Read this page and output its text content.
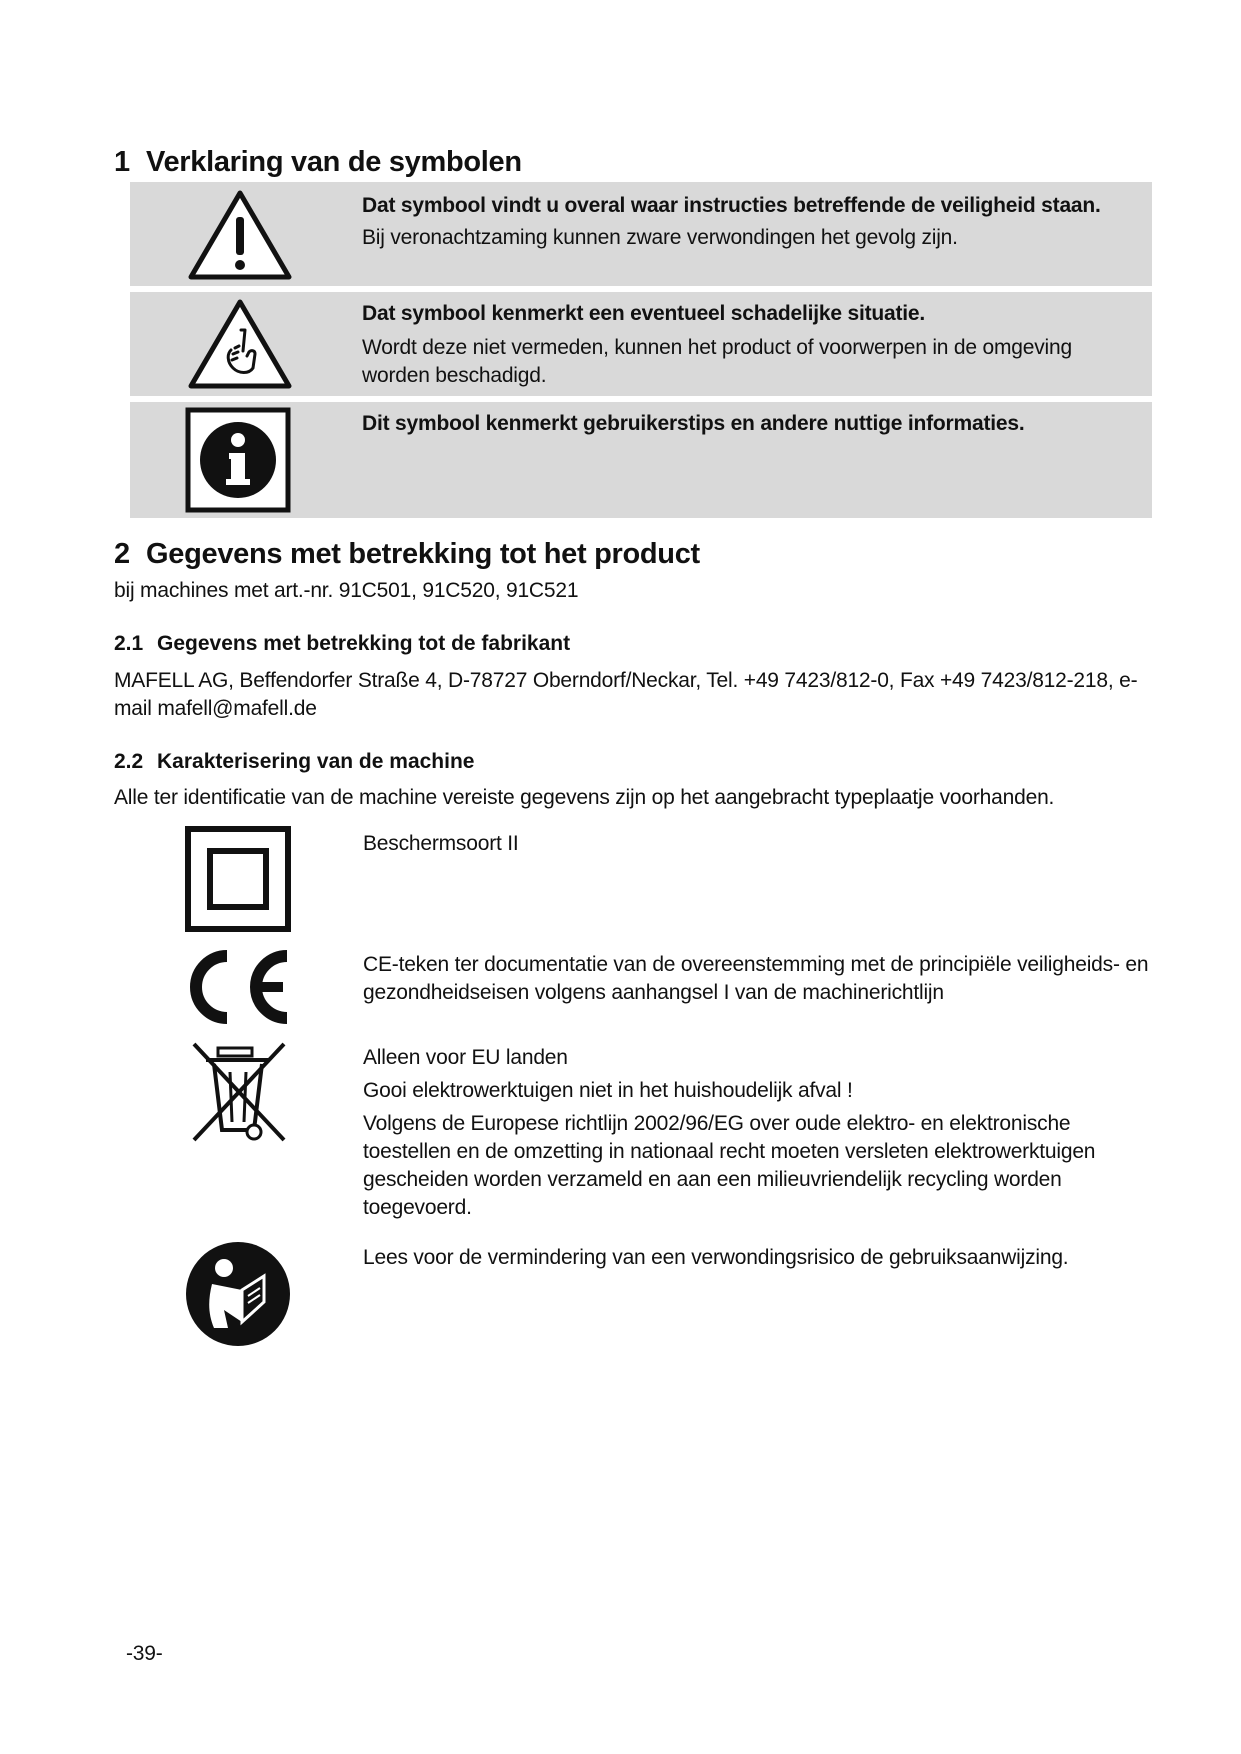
1 Verklaring van de symbolen
Dat symbool vindt u overal waar instructies betreffende de veiligheid staan.
Bij veronachtzaming kunnen zware verwondingen het gevolg zijn.
Dat symbool kenmerkt een eventueel schadelijke situatie.
Wordt deze niet vermeden, kunnen het product of voorwerpen in de omgeving worden beschadigd.
Dit symbool kenmerkt gebruikerstips en andere nuttige informaties.
2 Gegevens met betrekking tot het product
bij machines met art.-nr. 91C501, 91C520, 91C521
2.1 Gegevens met betrekking tot de fabrikant
MAFELL AG, Beffendorfer Straße 4, D-78727 Oberndorf/Neckar, Tel. +49 7423/812-0, Fax +49 7423/812-218, e-mail mafell@mafell.de
2.2 Karakterisering van de machine
Alle ter identificatie van de machine vereiste gegevens zijn op het aangebracht typeplaatje voorhanden.
Beschermsoort II
CE-teken ter documentatie van de overeenstemming met de principiële veiligheids- en gezondheidseisen volgens aanhangsel I van de machinerichtlijn
Alleen voor EU landen
Gooi elektrowerktuigen niet in het huishoudelijk afval !
Volgens de Europese richtlijn 2002/96/EG over oude elektro- en elektronische toestellen en de omzetting in nationaal recht moeten versleten elektrowerktuigen gescheiden worden verzameld en aan een milieuvriendelijk recycling worden toegevoerd.
Lees voor de vermindering van een verwondingsrisico de gebruiksaanwijzing.
-39-
